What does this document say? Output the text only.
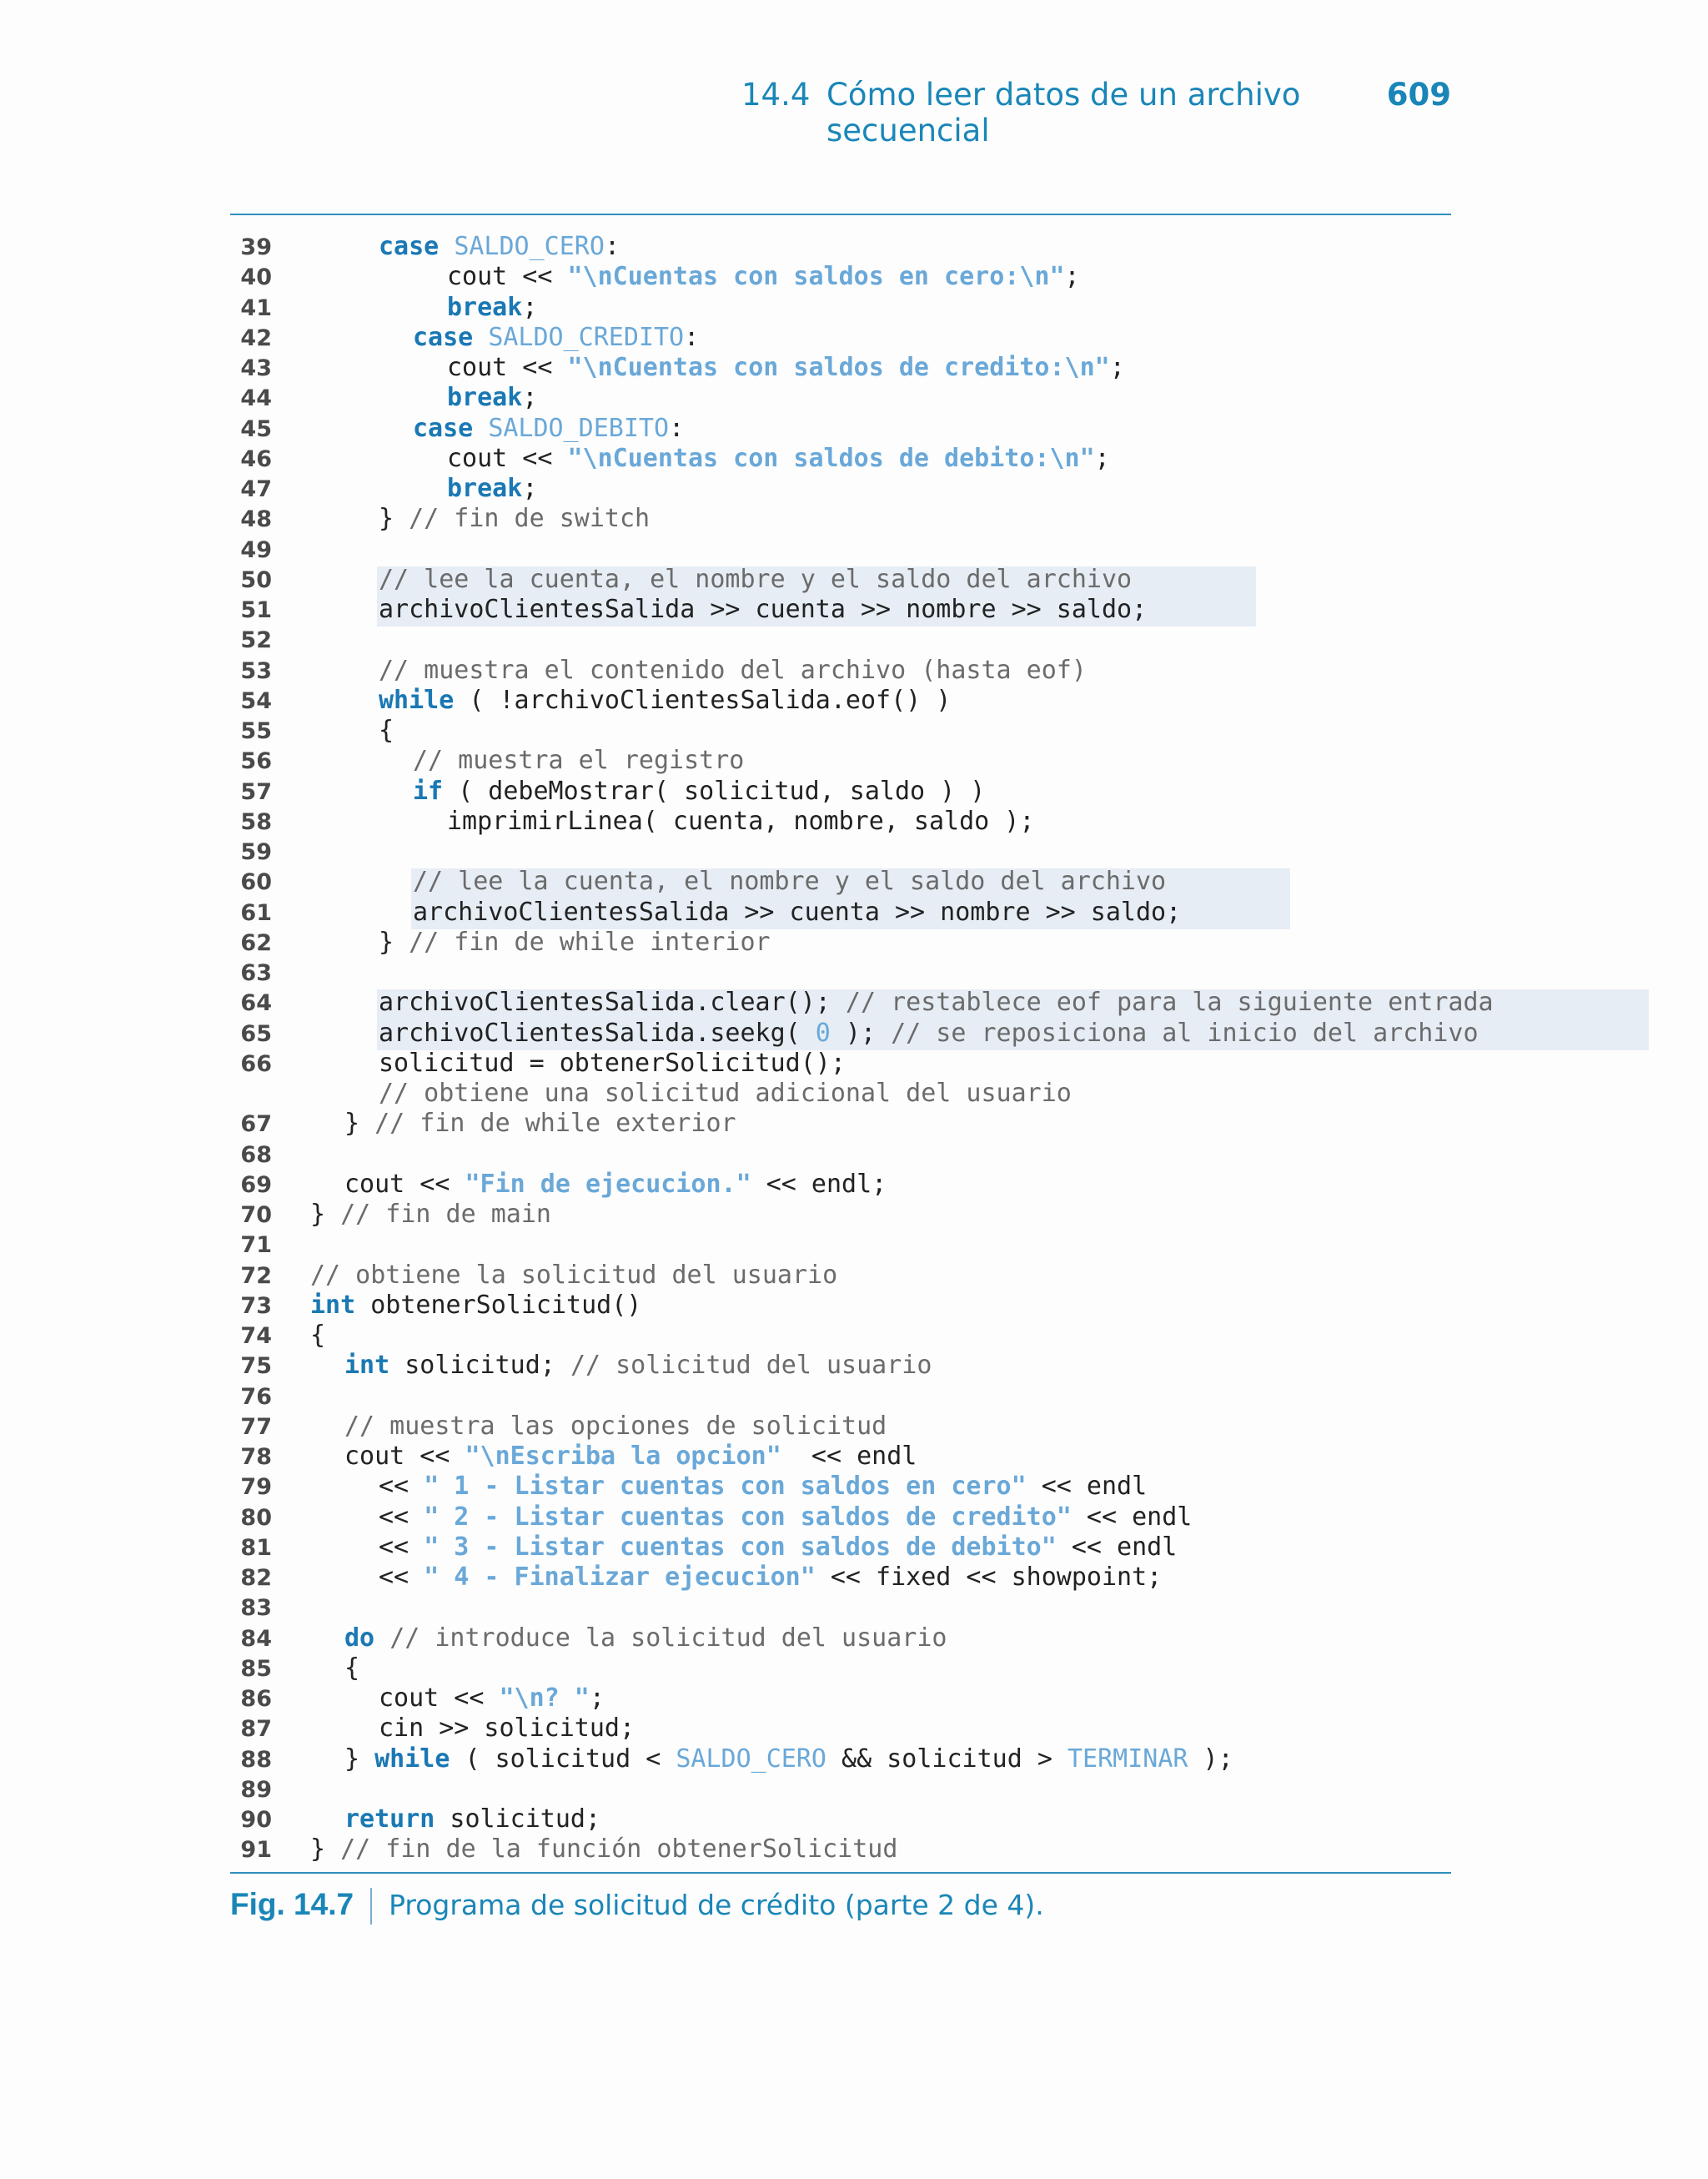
14.4 Cómo leer datos de un archivo secuencial
609
39	case SALDO_CERO:
40	cout << "\nCuentas con saldos en cero:\n";
41	break;
42	case SALDO_CREDITO:
43	cout << "\nCuentas con saldos de credito:\n";
44	break;
45	case SALDO_DEBITO:
46	cout << "\nCuentas con saldos de debito:\n";
47	break;
48	} // fin de switch
49
50	// lee la cuenta, el nombre y el saldo del archivo
51	archivoClientesSalida >> cuenta >> nombre >> saldo;
52
53	// muestra el contenido del archivo (hasta eof)
54	while ( !archivoClientesSalida.eof() )
55	{
56	// muestra el registro
57	if ( debeMostrar( solicitud, saldo ) )
58	imprimirLinea( cuenta, nombre, saldo );
59
60	// lee la cuenta, el nombre y el saldo del archivo
61	archivoClientesSalida >> cuenta >> nombre >> saldo;
62	} // fin de while interior
63
64	archivoClientesSalida.clear(); // restablece eof para la siguiente entrada
65	archivoClientesSalida.seekg( 0 ); // se reposiciona al inicio del archivo
66	solicitud = obtenerSolicitud();
// obtiene una solicitud adicional del usuario
67	} // fin de while exterior
68
69	cout << "Fin de ejecucion." << endl;
70 } // fin de main
71
72 // obtiene la solicitud del usuario
73 int obtenerSolicitud()
74 {
75	int solicitud; // solicitud del usuario
76
77	// muestra las opciones de solicitud
78	cout << "\nEscriba la opcion"  << endl
79	<< " 1 - Listar cuentas con saldos en cero" << endl
80	<< " 2 - Listar cuentas con saldos de credito" << endl
81	<< " 3 - Listar cuentas con saldos de debito" << endl
82	<< " 4 - Finalizar ejecucion" << fixed << showpoint;
83
84	do // introduce la solicitud del usuario
85	{
86	cout << "\n? ";
87	cin >> solicitud;
88	} while ( solicitud < SALDO_CERO && solicitud > TERMINAR );
89
90	return solicitud;
91 } // fin de la función obtenerSolicitud
Fig. 14.7 Programa de solicitud de crédito (parte 2 de 4).
